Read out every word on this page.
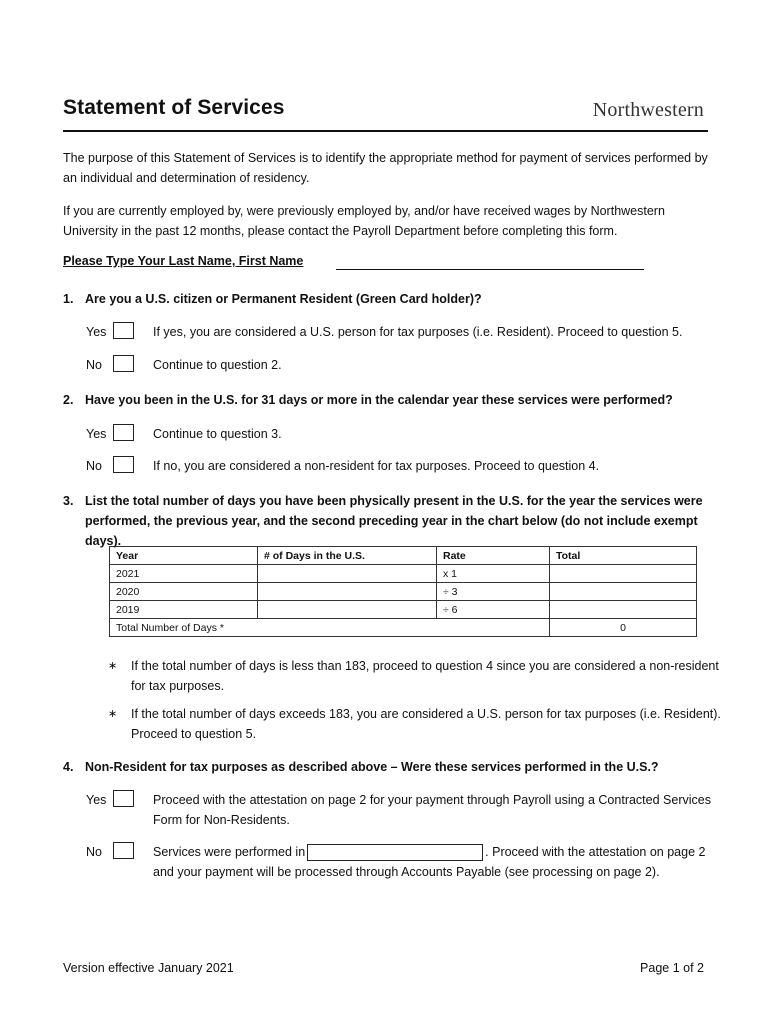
Statement of Services	Northwestern
The purpose of this Statement of Services is to identify the appropriate method for payment of services performed by an individual and determination of residency.
If you are currently employed by, were previously employed by, and/or have received wages by Northwestern University in the past 12 months, please contact the Payroll Department before completing this form.
Please Type Your Last Name, First Name
1. Are you a U.S. citizen or Permanent Resident (Green Card holder)?
Yes	If yes, you are considered a U.S. person for tax purposes (i.e. Resident). Proceed to question 5.
No	Continue to question 2.
2. Have you been in the U.S. for 31 days or more in the calendar year these services were performed?
Yes	Continue to question 3.
No	If no, you are considered a non-resident for tax purposes. Proceed to question 4.
3. List the total number of days you have been physically present in the U.S. for the year the services were performed, the previous year, and the second preceding year in the chart below (do not include exempt days).
Year	# of Days in the U.S.	Rate	Total
2021		x 1	
2020		÷ 3	
2019		÷ 6	
Total Number of Days *			0
∗ If the total number of days is less than 183, proceed to question 4 since you are considered a non-resident for tax purposes.
∗ If the total number of days exceeds 183, you are considered a U.S. person for tax purposes (i.e. Resident). Proceed to question 5.
4. Non-Resident for tax purposes as described above – Were these services performed in the U.S.?
Yes	Proceed with the attestation on page 2 for your payment through Payroll using a Contracted Services Form for Non-Residents.
No	Services were performed in	. Proceed with the attestation on page 2
and your payment will be processed through Accounts Payable (see processing on page 2).
Version effective January 2021	Page 1 of 2
